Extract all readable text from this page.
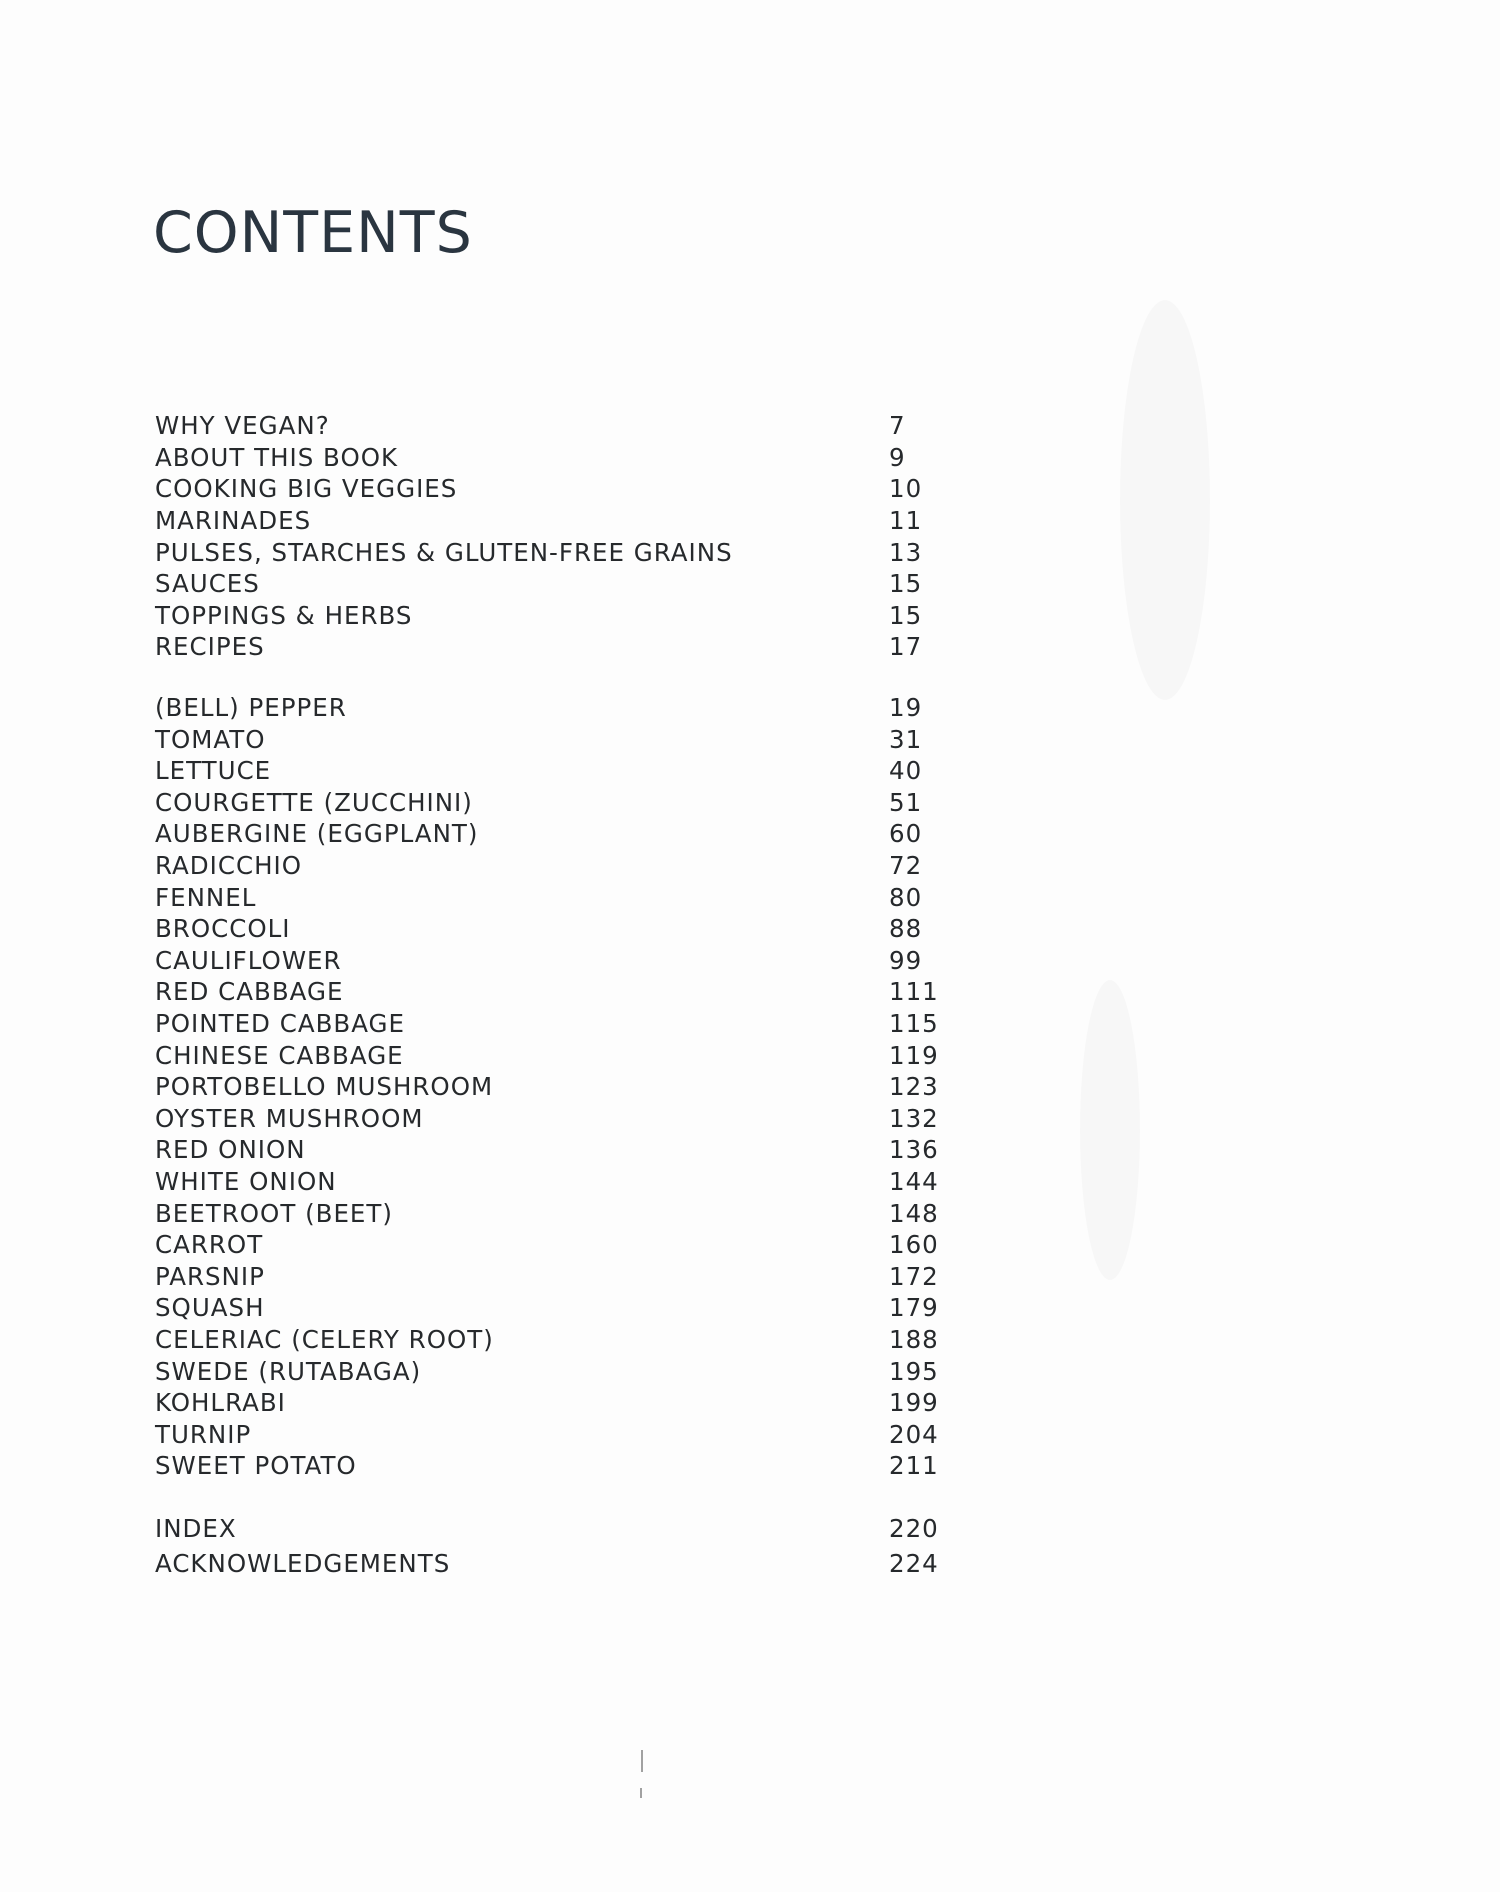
CONTENTS
WHY VEGAN?	7
ABOUT THIS BOOK	9
COOKING BIG VEGGIES	10
MARINADES	11
PULSES, STARCHES & GLUTEN-FREE GRAINS	13
SAUCES	15
TOPPINGS & HERBS	15
RECIPES	17
(BELL) PEPPER	19
TOMATO	31
LETTUCE	40
COURGETTE (ZUCCHINI)	51
AUBERGINE (EGGPLANT)	60
RADICCHIO	72
FENNEL	80
BROCCOLI	88
CAULIFLOWER	99
RED CABBAGE	111
POINTED CABBAGE	115
CHINESE CABBAGE	119
PORTOBELLO MUSHROOM	123
OYSTER MUSHROOM	132
RED ONION	136
WHITE ONION	144
BEETROOT (BEET)	148
CARROT	160
PARSNIP	172
SQUASH	179
CELERIAC (CELERY ROOT)	188
SWEDE (RUTABAGA)	195
KOHLRABI	199
TURNIP	204
SWEET POTATO	211
INDEX	220
ACKNOWLEDGEMENTS	224
